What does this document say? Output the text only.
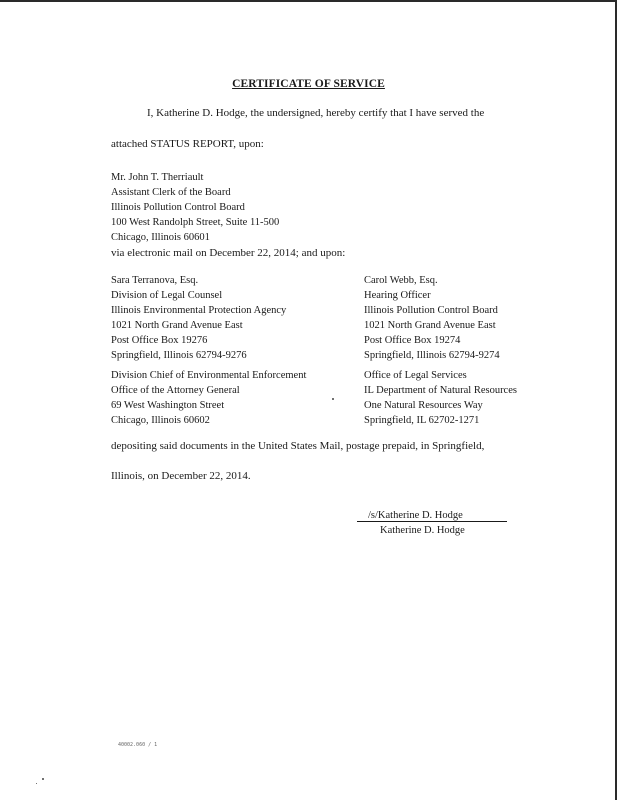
CERTIFICATE OF SERVICE
I, Katherine D. Hodge, the undersigned, hereby certify that I have served the
attached STATUS REPORT, upon:
Mr. John T. Therriault
Assistant Clerk of the Board
Illinois Pollution Control Board
100 West Randolph Street, Suite 11-500
Chicago, Illinois 60601
via electronic mail on December 22, 2014; and upon:
Sara Terranova, Esq.
Division of Legal Counsel
Illinois Environmental Protection Agency
1021 North Grand Avenue East
Post Office Box 19276
Springfield, Illinois 62794-9276
Carol Webb, Esq.
Hearing Officer
Illinois Pollution Control Board
1021 North Grand Avenue East
Post Office Box 19274
Springfield, Illinois 62794-9274
Division Chief of Environmental Enforcement
Office of the Attorney General
69 West Washington Street
Chicago, Illinois 60602
Office of Legal Services
IL Department of Natural Resources
One Natural Resources Way
Springfield, IL 62702-1271
depositing said documents in the United States Mail, postage prepaid, in Springfield,
Illinois, on December 22, 2014.
/s/Katherine D. Hodge
Katherine D. Hodge
40002.060 / 1
